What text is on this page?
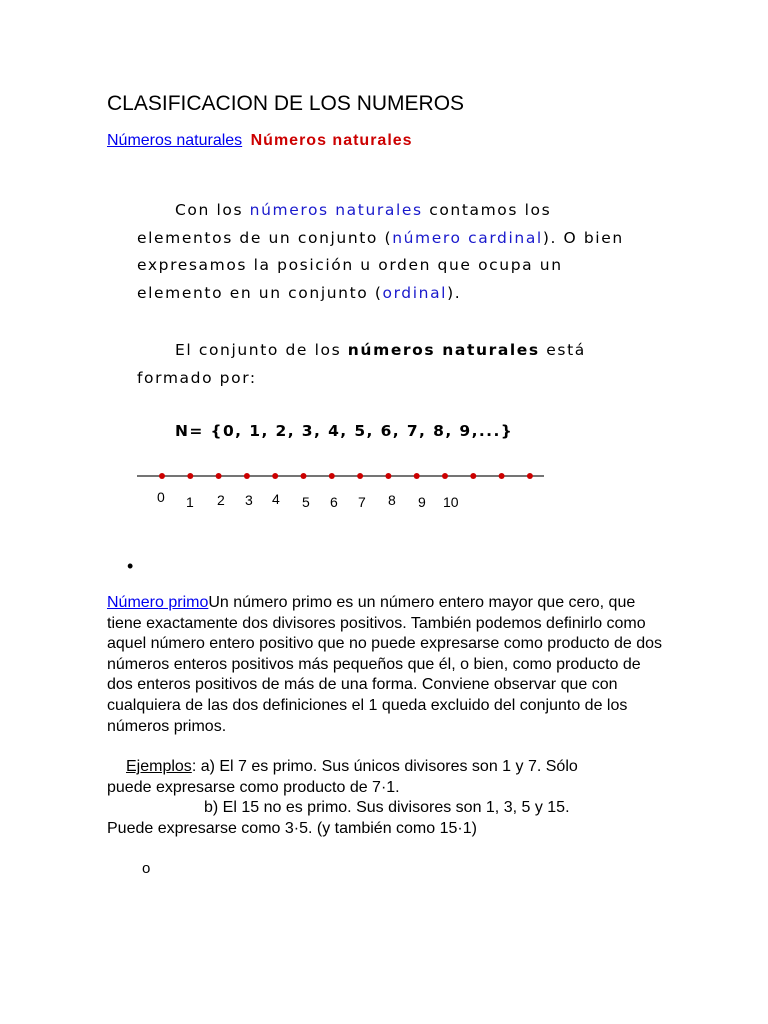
CLASIFICACION DE LOS NUMEROS
Números naturales Números naturales
Con los números naturales contamos los
elementos de un conjunto (número cardinal). O bien
expresamos la posición u orden que ocupa un
elemento en un conjunto (ordinal).
El conjunto de los números naturales está
formado por:
N= {0, 1, 2, 3, 4, 5, 6, 7, 8, 9,...}
0 1 2 3 4 5 6 7 8 9 10
•
Número primoUn número primo es un número entero mayor que cero, que tiene exactamente dos divisores positivos. También podemos definirlo como aquel número entero positivo que no puede expresarse como producto de dos números enteros positivos más pequeños que él, o bien, como producto de dos enteros positivos de más de una forma. Conviene observar que con cualquiera de las dos definiciones el 1 queda excluido del conjunto de los números primos.
Ejemplos: a) El 7 es primo. Sus únicos divisores son 1 y 7. Sólo
puede expresarse como producto de 7·1.
b) El 15 no es primo. Sus divisores son 1, 3, 5 y 15.
Puede expresarse como 3·5. (y también como 15·1)
o
